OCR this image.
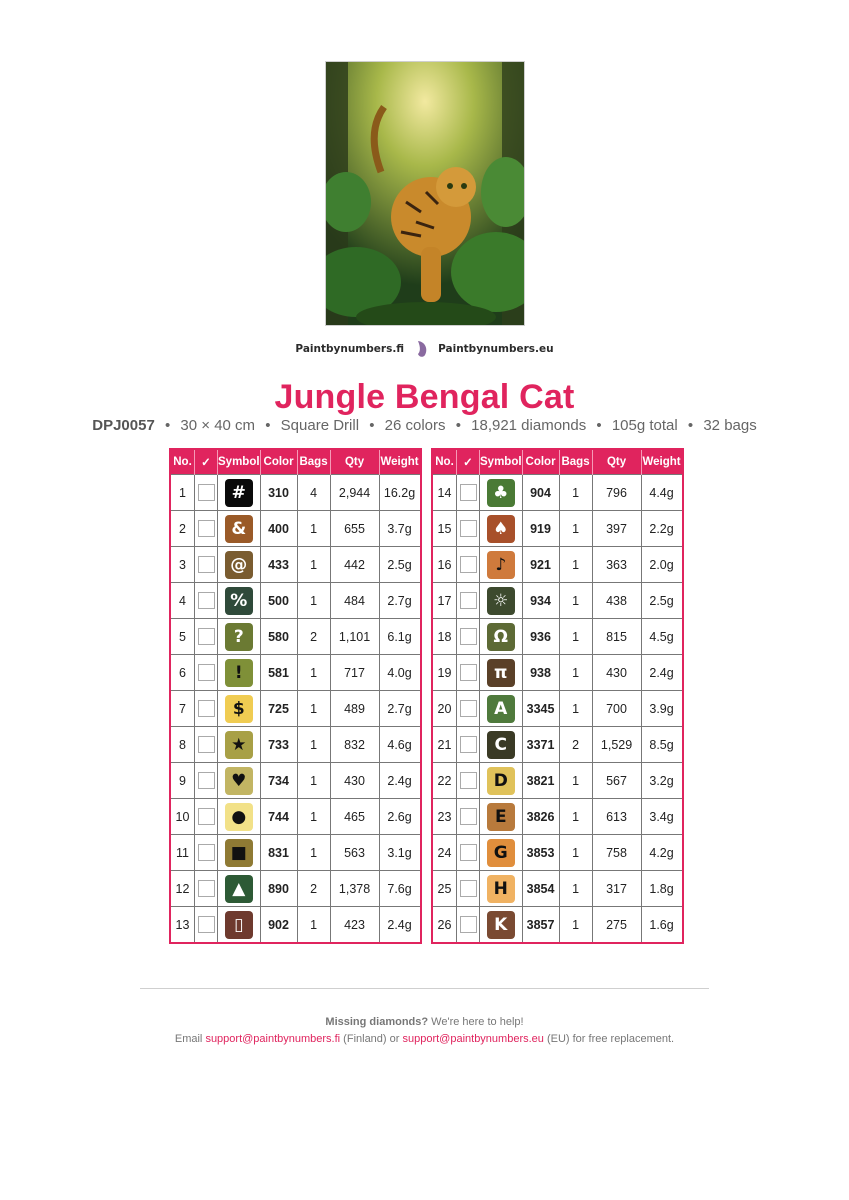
Paintbynumbers.fi	Paintbynumbers.eu
Jungle Bengal Cat
DPJ0057 • 30 × 40 cm • Square Drill • 26 colors • 18,921 diamonds • 105g total • 32 bags
No.	✓	Symbol	Color	Bags	Qty	Weight
1		#	310	4	2,944	16.2g
2		&	400	1	655	3.7g
3		@	433	1	442	2.5g
4		%	500	1	484	2.7g
5		?	580	2	1,101	6.1g
6		!	581	1	717	4.0g
7		$	725	1	489	2.7g
8		★	733	1	832	4.6g
9		♥	734	1	430	2.4g
10		●	744	1	465	2.6g
11		■	831	1	563	3.1g
12		▲	890	2	1,378	7.6g
13		▯	902	1	423	2.4g
No.	✓	Symbol	Color	Bags	Qty	Weight
14		♣	904	1	796	4.4g
15		♠	919	1	397	2.2g
16		♪	921	1	363	2.0g
17		☼	934	1	438	2.5g
18		Ω	936	1	815	4.5g
19		π	938	1	430	2.4g
20		A	3345	1	700	3.9g
21		C	3371	2	1,529	8.5g
22		D	3821	1	567	3.2g
23		E	3826	1	613	3.4g
24		G	3853	1	758	4.2g
25		H	3854	1	317	1.8g
26		K	3857	1	275	1.6g
Missing diamonds? We're here to help!
Email support@paintbynumbers.fi (Finland) or support@paintbynumbers.eu (EU) for free replacement.
